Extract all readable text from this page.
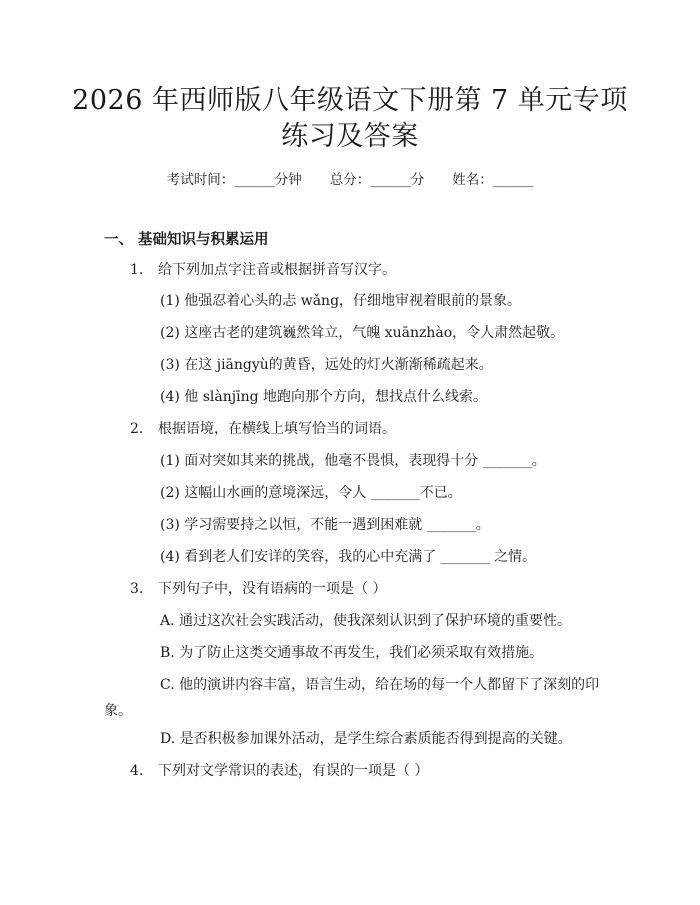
2026 年西师版八年级语文下册第 7 单元专项
练习及答案
考试时间：______分钟 总分：______分 姓名：______
一、 基础知识与积累运用
1. 给下列加点字注音或根据拼音写汉字。
(1) 他强忍着心头的忐 wǎng，仔细地审视着眼前的景象。
(2) 这座古老的建筑巍然耸立，气魄 xuānzhào，令人肃然起敬。
(3) 在这 jiāngyù的黄昏，远处的灯火渐渐稀疏起来。
(4) 他 slànjīng 地跑向那个方向，想找点什么线索。
2. 根据语境，在横线上填写恰当的词语。
(1) 面对突如其来的挑战，他毫不畏惧，表现得十分 _______。
(2) 这幅山水画的意境深远，令人 _______不已。
(3) 学习需要持之以恒，不能一遇到困难就 _______。
(4) 看到老人们安详的笑容，我的心中充满了 _______ 之情。
3. 下列句子中，没有语病的一项是（ ）
A. 通过这次社会实践活动，使我深刻认识到了保护环境的重要性。
B. 为了防止这类交通事故不再发生，我们必须采取有效措施。
C. 他的演讲内容丰富，语言生动，给在场的每一个人都留下了深刻的印象。
D. 是否积极参加课外活动，是学生综合素质能否得到提高的关键。
4. 下列对文学常识的表述，有误的一项是（ ）
